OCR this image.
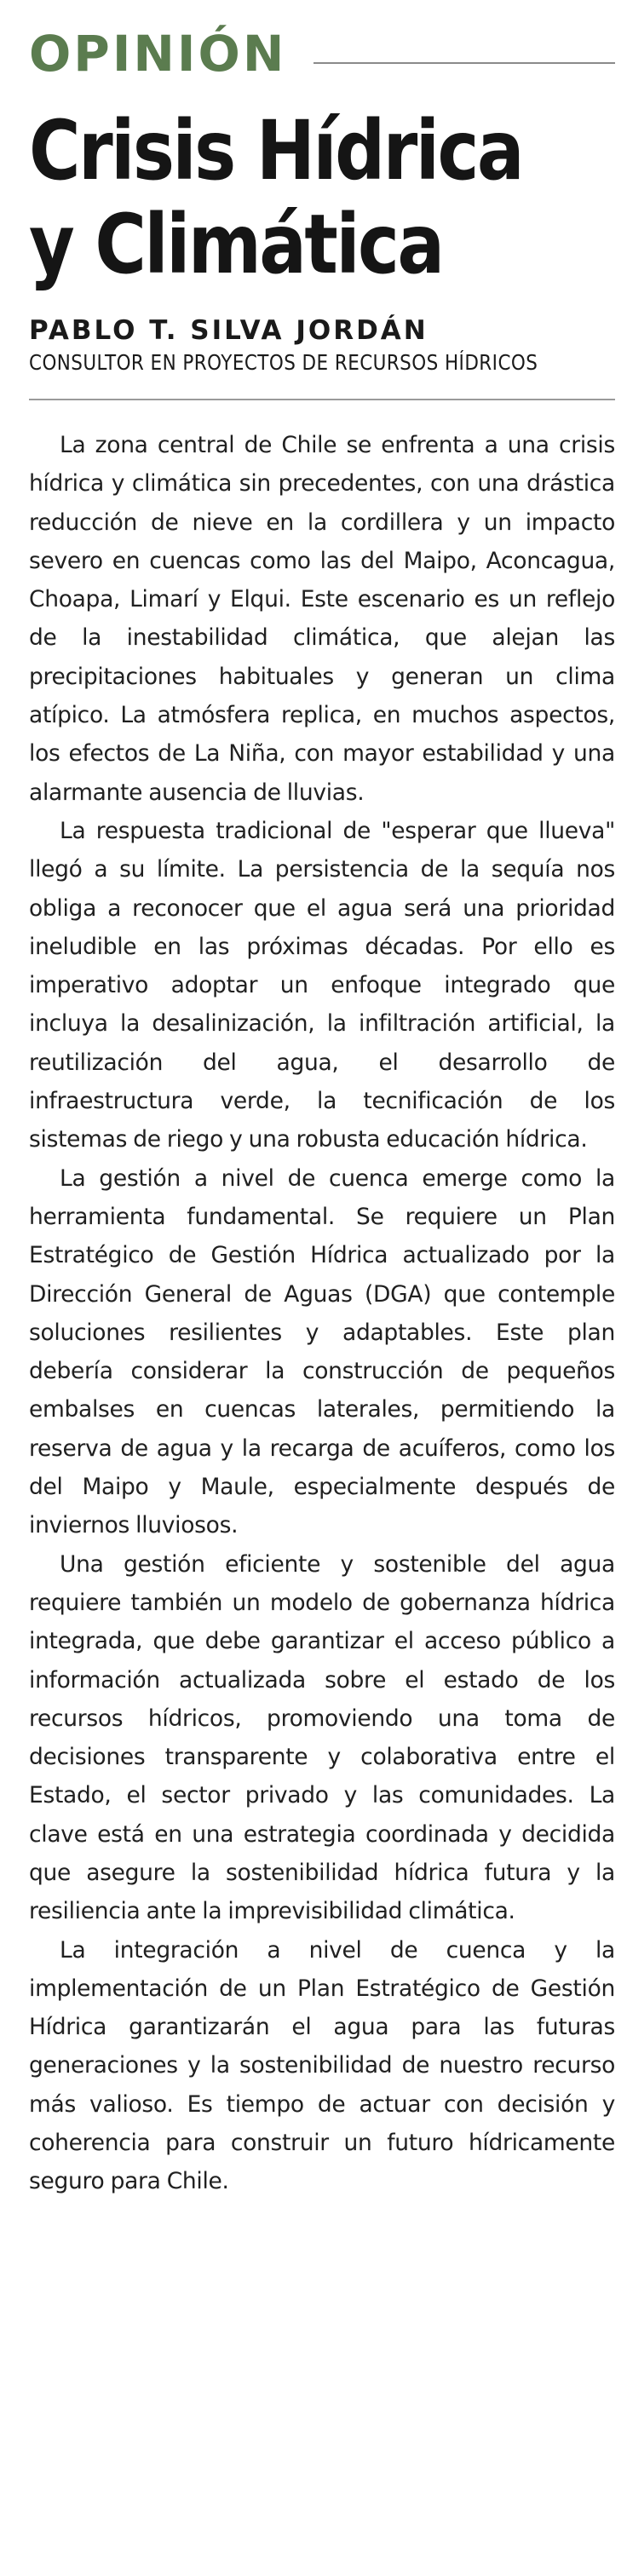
OPINIÓN
Crisis Hídrica
y Climática
PABLO T. SILVA JORDÁN
CONSULTOR EN PROYECTOS DE RECURSOS HÍDRICOS

La zona central de Chile se enfrenta a una crisis hídrica y climática sin precedentes, con una drástica reducción de nieve en la cordillera y un impacto severo en cuencas como las del Maipo, Aconcagua, Choapa, Limarí y Elqui. Este escenario es un reflejo de la inestabilidad climática, que alejan las precipitaciones habituales y generan un clima atípico. La atmósfera replica, en muchos aspectos, los efectos de La Niña, con mayor estabilidad y una alarmante ausencia de lluvias.

La respuesta tradicional de "esperar que llueva" llegó a su límite. La persistencia de la sequía nos obliga a reconocer que el agua será una prioridad ineludible en las próximas décadas. Por ello es imperativo adoptar un enfoque integrado que incluya la desalinización, la infiltración artificial, la reutilización del agua, el desarrollo de infraestructura verde, la tecnificación de los sistemas de riego y una robusta educación hídrica.

La gestión a nivel de cuenca emerge como la herramienta fundamental. Se requiere un Plan Estratégico de Gestión Hídrica actualizado por la Dirección General de Aguas (DGA) que contemple soluciones resilientes y adaptables. Este plan debería considerar la construcción de pequeños embalses en cuencas laterales, permitiendo la reserva de agua y la recarga de acuíferos, como los del Maipo y Maule, especialmente después de inviernos lluviosos.

Una gestión eficiente y sostenible del agua requiere también un modelo de gobernanza hídrica integrada, que debe garantizar el acceso público a información actualizada sobre el estado de los recursos hídricos, promoviendo una toma de decisiones transparente y colaborativa entre el Estado, el sector privado y las comunidades. La clave está en una estrategia coordinada y decidida que asegure la sostenibilidad hídrica futura y la resiliencia ante la imprevisibilidad climática.

La integración a nivel de cuenca y la implementación de un Plan Estratégico de Gestión Hídrica garantizarán el agua para las futuras generaciones y la sostenibilidad de nuestro recurso más valioso. Es tiempo de actuar con decisión y coherencia para construir un futuro hídricamente seguro para Chile.
